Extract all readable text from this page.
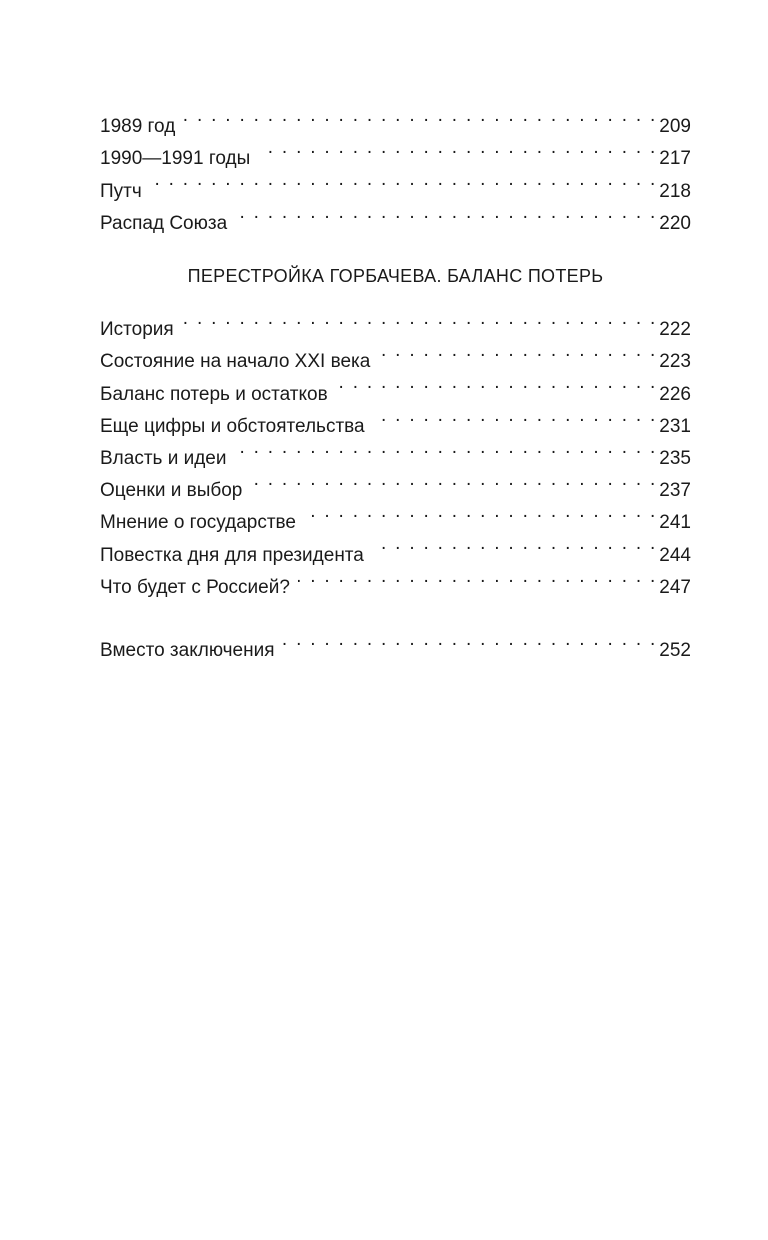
1989 год . . .	209
1990—1991 годы . . .	217
Путч . . .	218
Распад Союза . . .	220
ПЕРЕСТРОЙКА ГОРБАЧЕВА. БАЛАНС ПОТЕРЬ
История . . .	222
Состояние на начало XXI века . . .	223
Баланс потерь и остатков . . .	226
Еще цифры и обстоятельства . . .	231
Власть и идеи . . .	235
Оценки и выбор . . .	237
Мнение о государстве . . .	241
Повестка дня для президента . . .	244
Что будет с Россией? . . .	247
Вместо заключения . . .	252
